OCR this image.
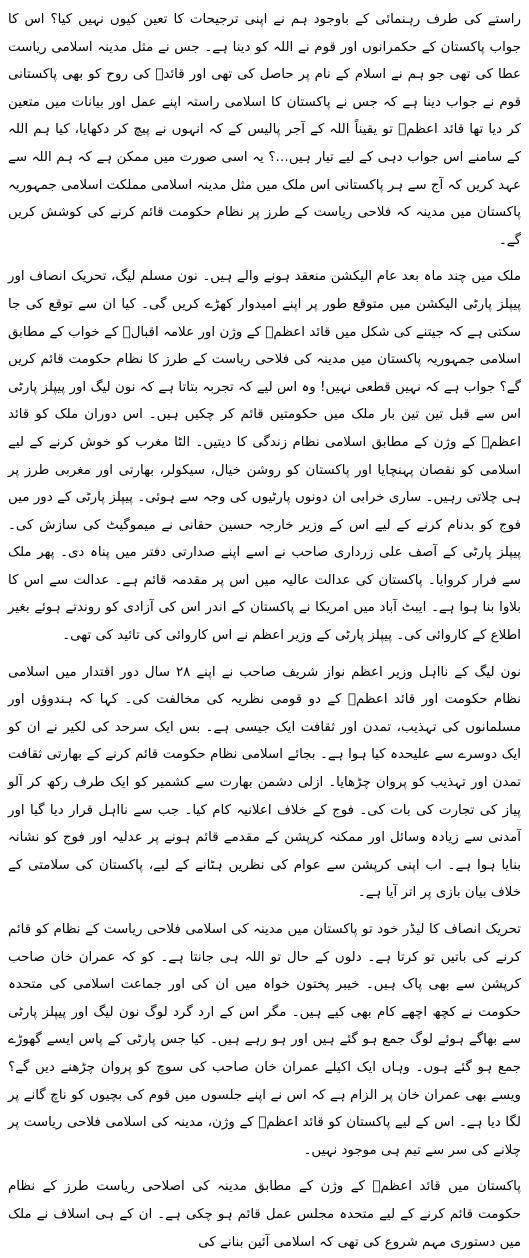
راستے کی طرف رہنمائی کے باوجود ہم نے اپنی ترجیحات کا تعین کیوں نہیں کیا؟ اس کا جواب پاکستان کے حکمرانوں اور قوم نے اللہ کو دینا ہے۔ جس نے مثل مدینہ اسلامی ریاست عطا کی تھی جو ہم نے اسلام کے نام پر حاصل کی تھی اور قائدؒ کی روح کو بھی پاکستانی قوم نے جواب دینا ہے کہ جس نے پاکستان کا اسلامی راستہ اپنے عمل اور بیانات میں متعین کر دیا تھا قائد اعظمؒ تو یقیناً اللہ کے آجر پالیس کے کہ انہوں نے پیچ کر دکھایا، کیا ہم اللہ کے سامنے اس جواب دہی کے لیے تیار ہیں…؟ یہ اسی صورت میں ممکن ہے کہ ہم اللہ سے عہد کریں کہ آج سے ہر پاکستانی اس ملک میں مثل مدینہ اسلامی مملکت اسلامی جمہوریہ پاکستان میں مدینہ کہ فلاحی ریاست کے طرز پر نظام حکومت قائم کرنے کی کوشش کریں گے۔

ملک میں چند ماہ بعد عام الیکشن منعقد ہونے والے ہیں۔ نون مسلم لیگ، تحریک انصاف اور پیپلز پارٹی الیکشن میں متوقع طور پر اپنے امیدوار کھڑے کریں گی۔ کیا ان سے توقع کی جا سکتی ہے کہ جیتنے کی شکل میں قائد اعظمؒ کے وژن اور علامہ اقبالؒ کے خواب کے مطابق اسلامی جمہوریہ پاکستان میں مدینہ کی فلاحی ریاست کے طرز کا نظام حکومت قائم کریں گے؟ جواب ہے کہ نہیں قطعی نہیں! وہ اس لیے کہ تجربہ بتاتا ہے کہ نون لیگ اور پیپلز پارٹی اس سے قبل تین تین بار ملک میں حکومتیں قائم کر چکیں ہیں۔ اس دوران ملک کو قائد اعظمؒ کے وژن کے مطابق اسلامی نظام زندگی کا دیتیں۔ الٹا مغرب کو خوش کرنے کے لیے اسلامی کو نقصان پہنچایا اور پاکستان کو روشن خیال، سیکولر، بھارتی اور مغربی طرز پر ہی چلاتی رہیں۔ ساری خرابی ان دونوں پارٹیوں کی وجہ سے ہوئی۔ پیپلز پارٹی کے دور میں فوج کو بدنام کرنے کے لیے اس کے وزیر خارجہ حسین حقانی نے میموگیٹ کی سازش کی۔ پیپلز پارٹی کے آصف علی زرداری صاحب نے اسے اپنے صدارتی دفتر میں پناہ دی۔ پھر ملک سے فرار کروایا۔ پاکستان کی عدالت عالیہ میں اس پر مقدمہ قائم ہے۔ عدالت سے اس کا بلاوا بنا ہوا ہے۔ ایبٹ آباد میں امریکا نے پاکستان کے اندر اس کی آزادی کو روندتے ہوئے بغیر اطلاع کے کاروائی کی۔ پیپلز پارٹی کے وزیر اعظم نے اس کاروائی کی تائید کی تھی۔

نون لیگ کے نااہل وزیر اعظم نواز شریف صاحب نے اپنے ۲۸ سال دور اقتدار میں اسلامی نظام حکومت اور قائد اعظمؒ کے دو قومی نظریہ کی مخالفت کی۔ کہا کہ ہندوؤں اور مسلمانوں کی تہذیب، تمدن اور ثقافت ایک جیسی ہے۔ بس ایک سرحد کی لکیر نے ان کو ایک دوسرے سے علیحدہ کیا ہوا ہے۔ بجائے اسلامی نظام حکومت قائم کرنے کے بھارتی ثقافت تمدن اور تہذیب کو پروان چڑھایا۔ ازلی دشمن بھارت سے کشمیر کو ایک طرف رکھ کر آلو پیاز کی تجارت کی بات کی۔ فوج کے خلاف اعلانیہ کام کیا۔ جب سے نااہل قرار دیا گیا اور آمدنی سے زیادہ وسائل اور ممکنہ کرپشن کے مقدمے قائم ہونے پر عدلیہ اور فوج کو نشانہ بنایا ہوا ہے۔ اب اپنی کرپشن سے عوام کی نظریں ہٹانے کے لیے، پاکستان کی سلامتی کے خلاف بیان بازی پر اتر آیا ہے۔

تحریک انصاف کا لیڈر خود تو پاکستان میں مدینہ کی اسلامی فلاحی ریاست کے نظام کو قائم کرنے کی باتیں تو کرتا ہے۔ دلوں کے حال تو اللہ ہی جانتا ہے۔ کو کہ عمران خان صاحب کرپشن سے بھی پاک ہیں۔ خیبر پختون خواہ میں ان کی اور جماعت اسلامی کی متحدہ حکومت نے کچھ اچھے کام بھی کیے ہیں۔ مگر اس کے ارد گرد لوگ نون لیگ اور پیپلز پارٹی سے بھاگے ہوئے لوگ جمع ہو گئے ہیں اور ہو رہے ہیں۔ کیا جس پارٹی کے پاس ایسے گھوڑے جمع ہو گئے ہوں۔ وہاں ایک اکیلے عمران خان صاحب کی سوچ کو پروان چڑھنے دیں گے؟ ویسے بھی عمران خان پر الزام ہے کہ اس نے اپنے جلسوں میں قوم کی بچیوں کو ناچ گانے پر لگا دیا ہے۔ اس کے لیے پاکستان کو قائد اعظمؒ کے وژن، مدینہ کی اسلامی فلاحی ریاست پر چلانے کی سر سے تیم ہی موجود نہیں۔

پاکستان میں قائد اعظمؒ کے وژن کے مطابق مدینہ کی اصلاحی ریاست طرز کے نظام حکومت قائم کرنے کے لیے متحدہ مجلس عمل قائم ہو چکی ہے۔ ان کے ہی اسلاف نے ملک میں دستوری مہم شروع کی تھی کہ اسلامی آئین بنانے کی
